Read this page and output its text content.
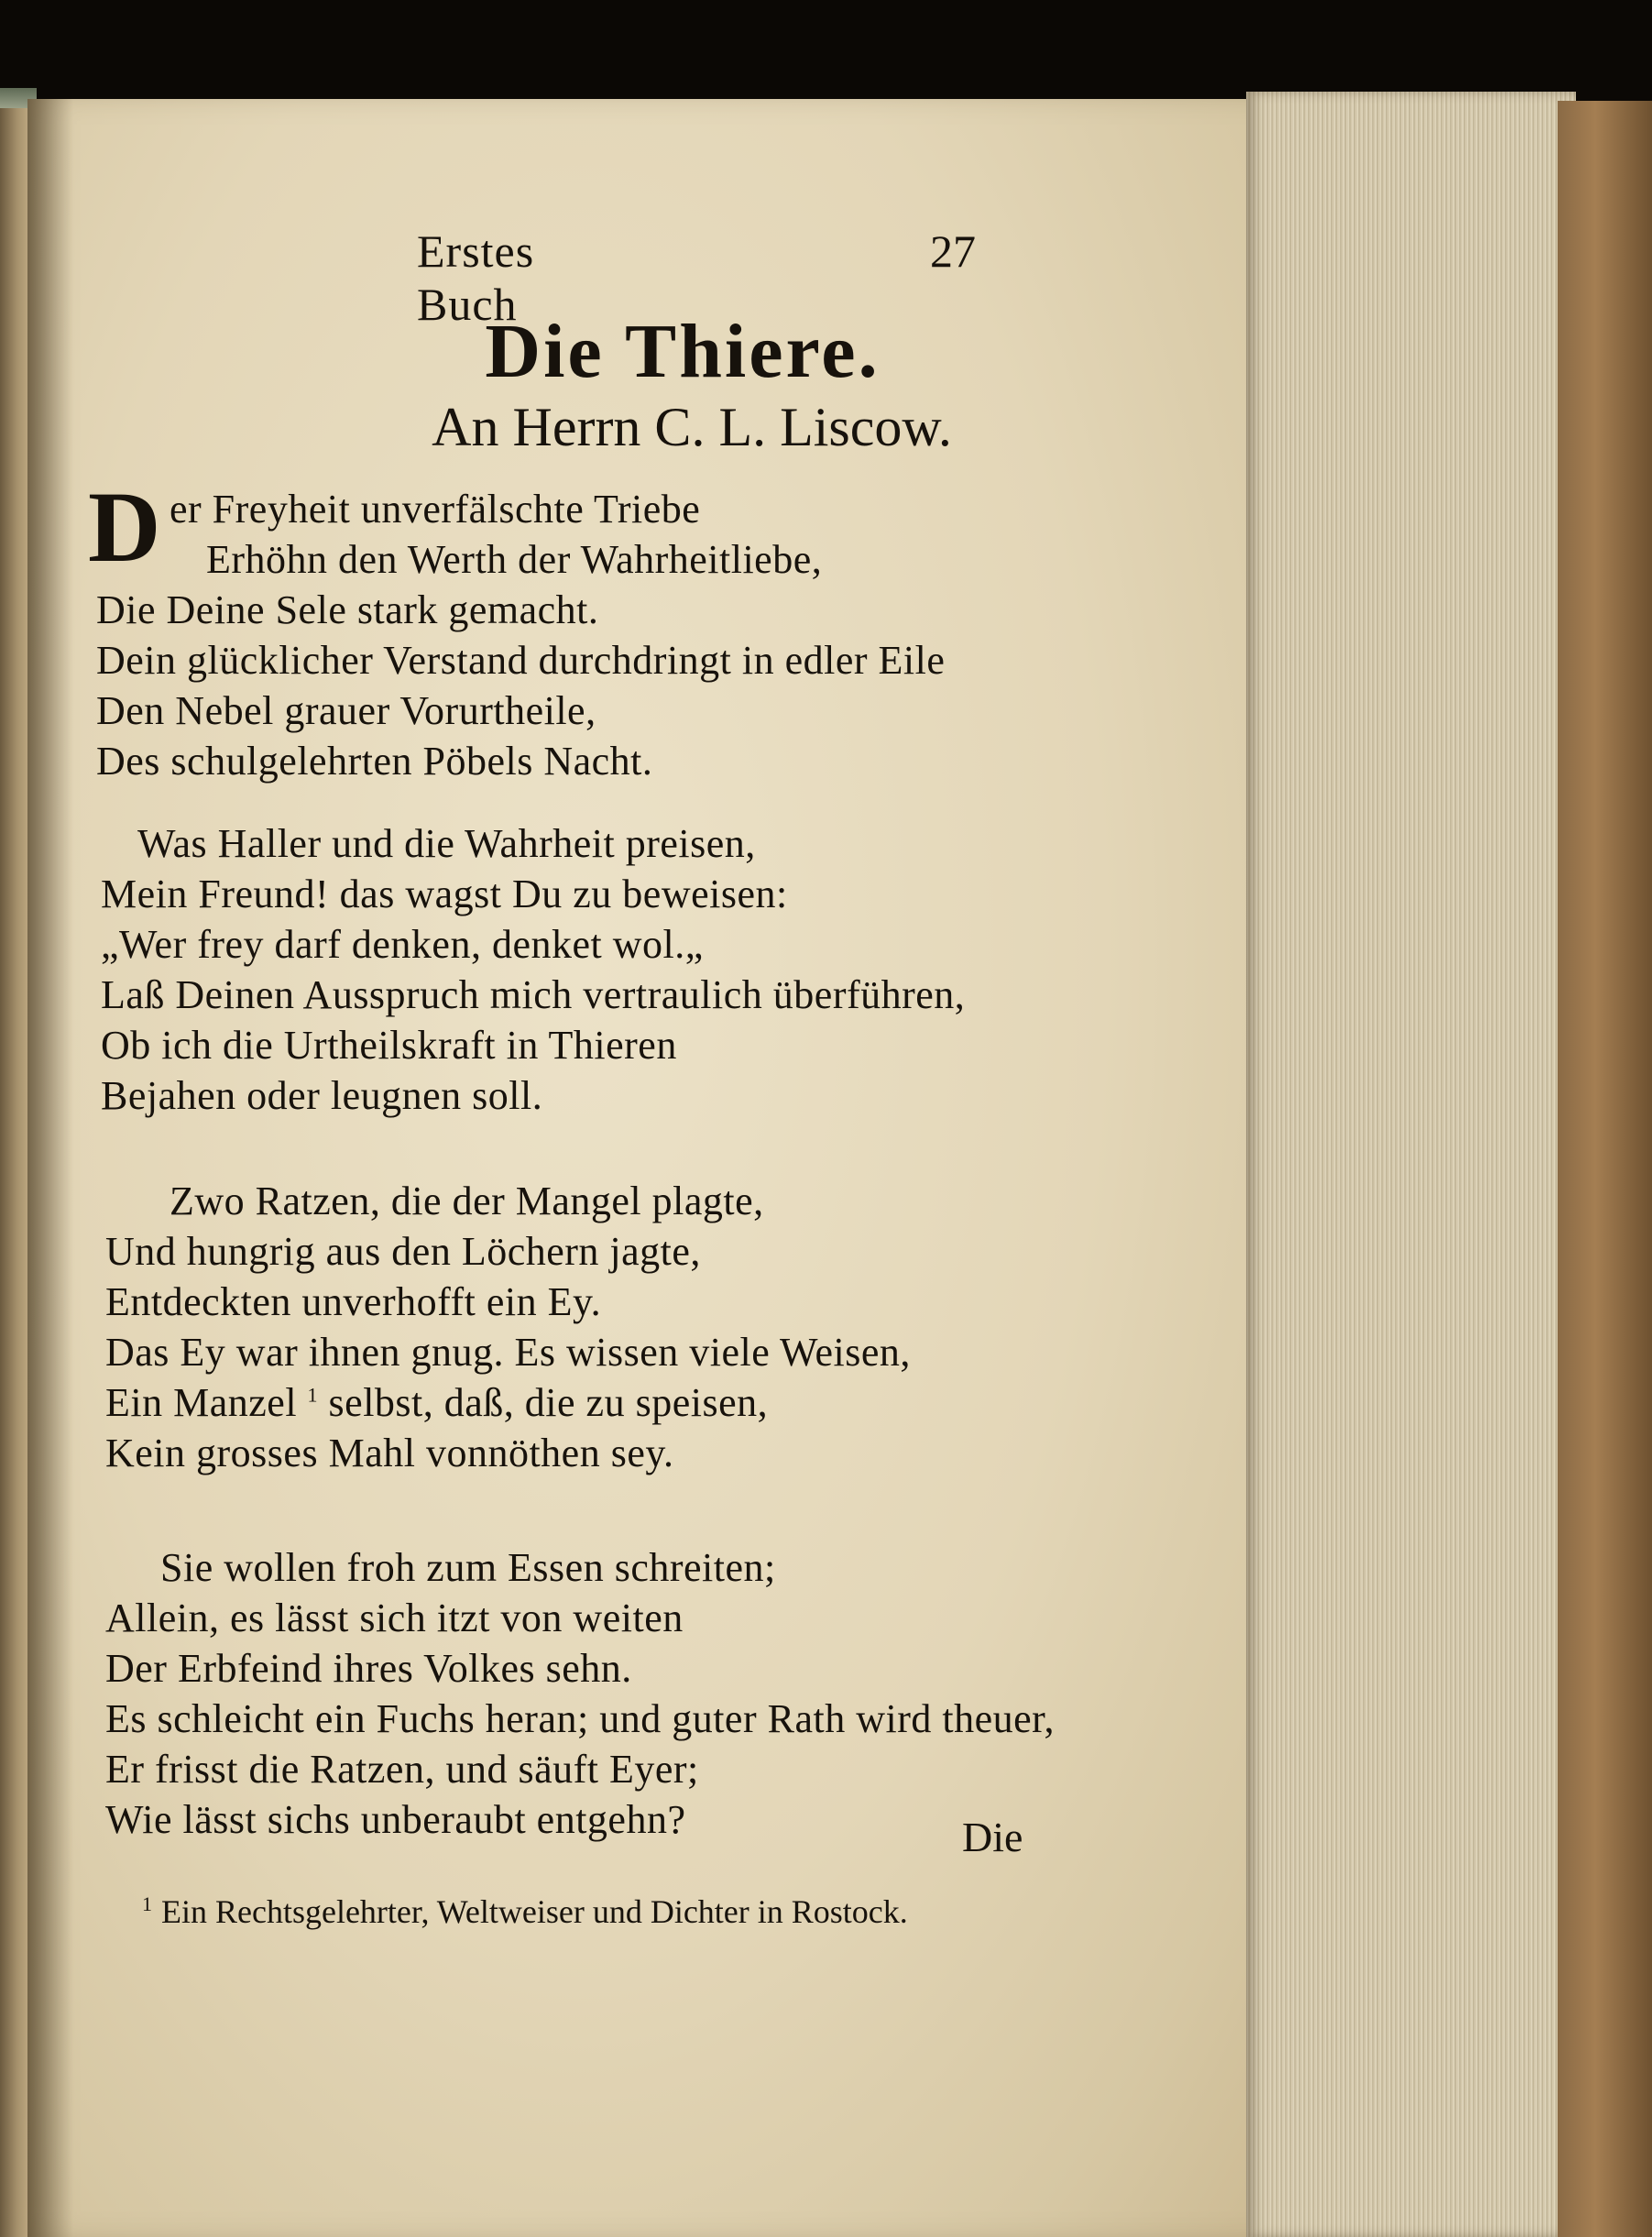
Erstes Buch
27
Die Thiere.
An Herrn C. L. Liscow.
D er Freyheit unverfälschte Triebe
Erhöhn den Werth der Wahrheitliebe,
Die Deine Sele stark gemacht.
Dein glücklicher Verstand durchdringt in edler Eile
Den Nebel grauer Vorurtheile,
Des schulgelehrten Pöbels Nacht.
Was Haller und die Wahrheit preisen,
Mein Freund! das wagst Du zu beweisen:
„Wer frey darf denken, denket wol.„
Laß Deinen Ausspruch mich vertraulich überführen,
Ob ich die Urtheilskraft in Thieren
Bejahen oder leugnen soll.
Zwo Ratzen, die der Mangel plagte,
Und hungrig aus den Löchern jagte,
Entdeckten unverhofft ein Ey.
Das Ey war ihnen gnug. Es wissen viele Weisen,
Ein Manzel $^1$ selbst, daß, die zu speisen,
Kein grosses Mahl vonnöthen sey.
Sie wollen froh zum Essen schreiten;
Allein, es lässt sich itzt von weiten
Der Erbfeind ihres Volkes sehn.
Es schleicht ein Fuchs heran; und guter Rath wird theuer,
Er frisst die Ratzen, und säuft Eyer;
Wie lässt sichs unberaubt entgehn?	Die
$^1$ Ein Rechtsgelehrter, Weltweiser und Dichter in Rostock.
